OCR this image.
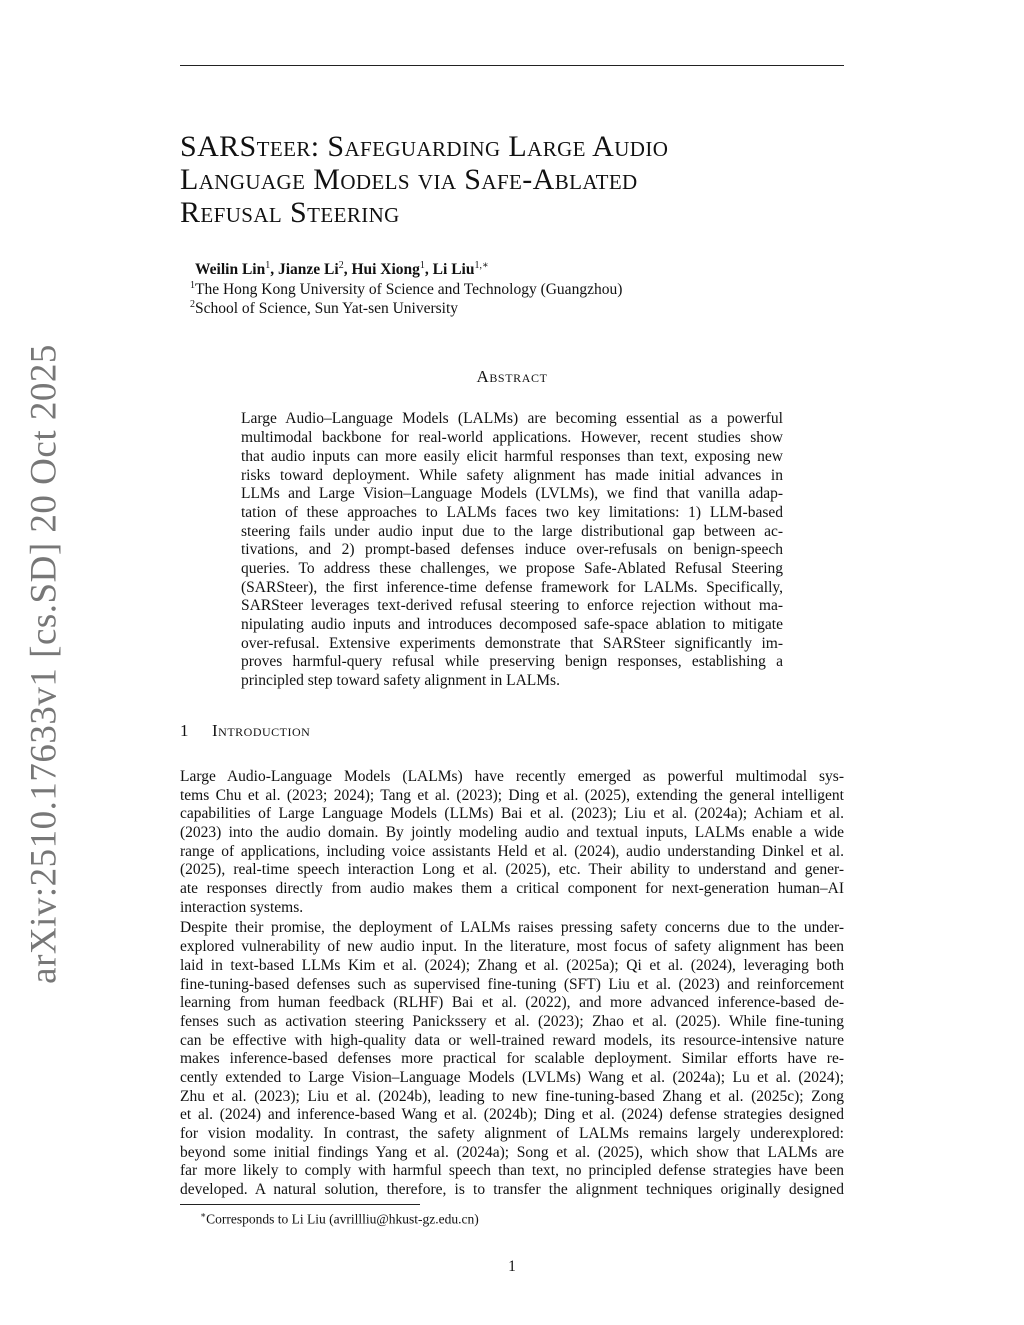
arXiv:2510.17633v1 [cs.SD] 20 Oct 2025
SARSteer: Safeguarding Large Audio
Language Models via Safe-Ablated
Refusal Steering
Weilin Lin$^1$, Jianze Li$^2$, Hui Xiong$^1$, Li Liu$^{1,∗}$
$^1$The Hong Kong University of Science and Technology (Guangzhou)
$^2$School of Science, Sun Yat-sen University
Abstract
Large Audio–Language Models (LALMs) are becoming essential as a powerful
multimodal backbone for real-world applications. However, recent studies show
that audio inputs can more easily elicit harmful responses than text, exposing new
risks toward deployment. While safety alignment has made initial advances in
LLMs and Large Vision–Language Models (LVLMs), we find that vanilla adap-
tation of these approaches to LALMs faces two key limitations: 1) LLM-based
steering fails under audio input due to the large distributional gap between ac-
tivations, and 2) prompt-based defenses induce over-refusals on benign-speech
queries. To address these challenges, we propose Safe-Ablated Refusal Steering
(SARSteer), the first inference-time defense framework for LALMs. Specifically,
SARSteer leverages text-derived refusal steering to enforce rejection without ma-
nipulating audio inputs and introduces decomposed safe-space ablation to mitigate
over-refusal. Extensive experiments demonstrate that SARSteer significantly im-
proves harmful-query refusal while preserving benign responses, establishing a
principled step toward safety alignment in LALMs.
1 Introduction
Large Audio-Language Models (LALMs) have recently emerged as powerful multimodal sys-
tems Chu et al. (2023; 2024); Tang et al. (2023); Ding et al. (2025), extending the general intelligent
capabilities of Large Language Models (LLMs) Bai et al. (2023); Liu et al. (2024a); Achiam et al.
(2023) into the audio domain. By jointly modeling audio and textual inputs, LALMs enable a wide
range of applications, including voice assistants Held et al. (2024), audio understanding Dinkel et al.
(2025), real-time speech interaction Long et al. (2025), etc. Their ability to understand and gener-
ate responses directly from audio makes them a critical component for next-generation human–AI
interaction systems.
Despite their promise, the deployment of LALMs raises pressing safety concerns due to the under-
explored vulnerability of new audio input. In the literature, most focus of safety alignment has been
laid in text-based LLMs Kim et al. (2024); Zhang et al. (2025a); Qi et al. (2024), leveraging both
fine-tuning-based defenses such as supervised fine-tuning (SFT) Liu et al. (2023) and reinforcement
learning from human feedback (RLHF) Bai et al. (2022), and more advanced inference-based de-
fenses such as activation steering Panickssery et al. (2023); Zhao et al. (2025). While fine-tuning
can be effective with high-quality data or well-trained reward models, its resource-intensive nature
makes inference-based defenses more practical for scalable deployment. Similar efforts have re-
cently extended to Large Vision–Language Models (LVLMs) Wang et al. (2024a); Lu et al. (2024);
Zhu et al. (2023); Liu et al. (2024b), leading to new fine-tuning-based Zhang et al. (2025c); Zong
et al. (2024) and inference-based Wang et al. (2024b); Ding et al. (2024) defense strategies designed
for vision modality. In contrast, the safety alignment of LALMs remains largely underexplored:
beyond some initial findings Yang et al. (2024a); Song et al. (2025), which show that LALMs are
far more likely to comply with harmful speech than text, no principled defense strategies have been
developed. A natural solution, therefore, is to transfer the alignment techniques originally designed
∗Corresponds to Li Liu (avrillliu@hkust-gz.edu.cn)
1
